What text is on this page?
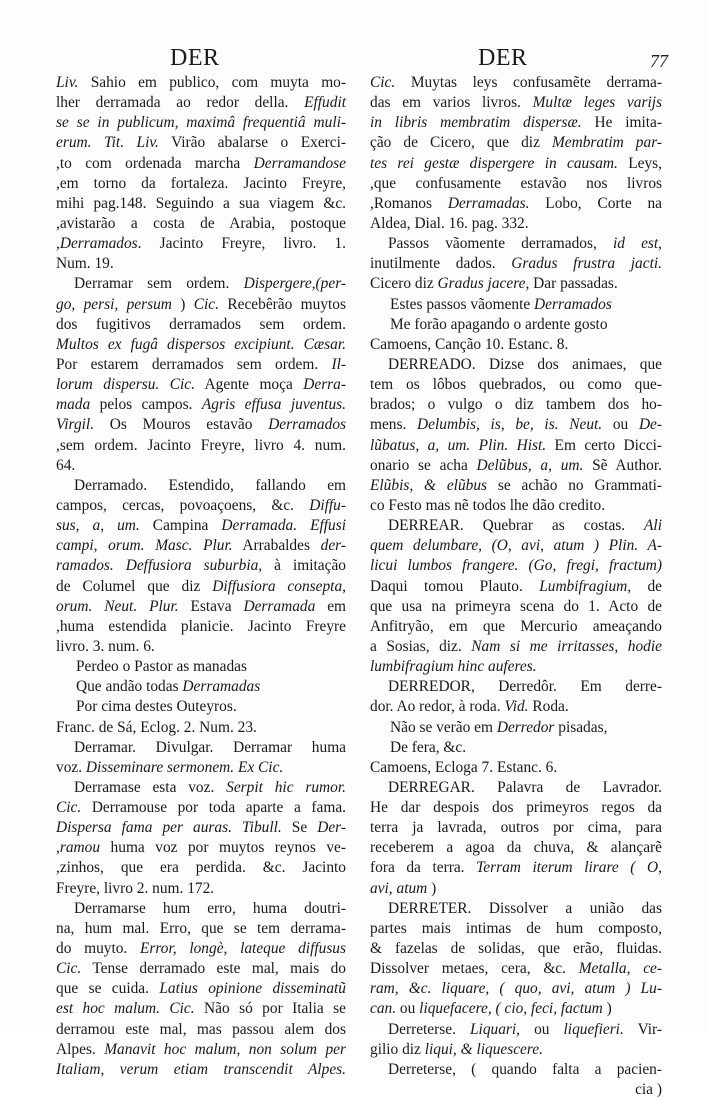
DER	DER	77
Liv. Sahio em publico, com muyta mo-
lher derramada ao redor della. Effudit
se se in publicum, maximâ frequentiâ muli-
erum. Tit. Liv. Virão abalarse o Exerci-
,to com ordenada marcha Derramandose
,em torno da fortaleza. Jacinto Freyre,
mihi pag.148. Seguindo a sua viagem &c.
,avistarão a costa de Arabia, postoque
,Derramados. Jacinto Freyre, livro. 1.
Num. 19.
Derramar sem ordem. Dispergere,(per-
go, persi, persum ) Cic. Recebêrão muytos
dos fugitivos derramados sem ordem.
Multos ex fugâ dispersos excipiunt. Cæsar.
Por estarem derramados sem ordem. Il-
lorum dispersu. Cic. Agente moça Derra-
mada pelos campos. Agris effusa juventus.
Virgil. Os Mouros estavão Derramados
,sem ordem. Jacinto Freyre, livro 4. num.
64.
Derramado. Estendido, fallando em
campos, cercas, povoaçoens, &c. Diffu-
sus, a, um. Campina Derramada. Effusi
campi, orum. Masc. Plur. Arrabaldes der-
ramados. Deffusiora suburbia, à imitação
de Columel que diz Diffusiora consepta,
orum. Neut. Plur. Estava Derramada em
,huma estendida planicie. Jacinto Freyre
livro. 3. num. 6.
Perdeo o Pastor as manadas
Que andão todas Derramadas
Por cima destes Outeyros.
Franc. de Sá, Eclog. 2. Num. 23.
Derramar. Divulgar. Derramar huma
voz. Disseminare sermonem. Ex Cic.
Derramase esta voz. Serpit hic rumor.
Cic. Derramouse por toda aparte a fama.
Dispersa fama per auras. Tibull. Se Der-
,ramou huma voz por muytos reynos ve-
,zinhos, que era perdida. &c. Jacinto
Freyre, livro 2. num. 172.
Derramarse hum erro, huma doutri-
na, hum mal. Erro, que se tem derrama-
do muyto. Error, longè, lateque diffusus
Cic. Tense derramado este mal, mais do
que se cuida. Latius opinione disseminatũ
est hoc malum. Cic. Não só por Italia se
derramou este mal, mas passou alem dos
Alpes. Manavit hoc malum, non solum per
Italiam, verum etiam transcendit Alpes.
Cic. Muytas leys confusamẽte derrama-
das em varios livros. Multæ leges varijs
in libris membratim dispersæ. He imita-
ção de Cicero, que diz Membratim par-
tes rei gestæ dispergere in causam. Leys,
,que confusamente estavão nos livros
,Romanos Derramadas. Lobo, Corte na
Aldea, Dial. 16. pag. 332.
Passos vãomente derramados, id est,
inutilmente dados. Gradus frustra jacti.
Cicero diz Gradus jacere, Dar passadas.
Estes passos vãomente Derramados
Me forão apagando o ardente gosto
Camoens, Canção 10. Estanc. 8.
DERREADO. Dizse dos animaes, que
tem os lôbos quebrados, ou como que-
brados; o vulgo o diz tambem dos ho-
mens. Delumbis, is, be, is. Neut. ou De-
lũbatus, a, um. Plin. Hist. Em certo Dicci-
onario se acha Delũbus, a, um. Sẽ Author.
Elũbis, & elũbus se achão no Grammati-
co Festo mas nẽ todos lhe dão credito.
DERREAR. Quebrar as costas. Ali
quem delumbare, (O, avi, atum ) Plin. A-
licui lumbos frangere. (Go, fregi, fractum)
Daqui tomou Plauto. Lumbifragium, de
que usa na primeyra scena do 1. Acto de
Anfitryão, em que Mercurio ameaçando
a Sosias, diz. Nam si me irritasses, hodie
lumbifragium hinc auferes.
DERREDOR, Derredôr. Em derre-
dor. Ao redor, à roda. Vid. Roda.
Não se verão em Derredor pisadas,
De fera, &c.
Camoens, Ecloga 7. Estanc. 6.
DERREGAR. Palavra de Lavrador.
He dar despois dos primeyros regos da
terra ja lavrada, outros por cima, para
receberem a agoa da chuva, & alançarẽ
fora da terra. Terram iterum lirare ( O,
avi, atum )
DERRETER. Dissolver a união das
partes mais intimas de hum composto,
& fazelas de solidas, que erão, fluidas.
Dissolver metaes, cera, &c. Metalla, ce-
ram, &c. liquare, ( quo, avi, atum ) Lu-
can. ou liquefacere, ( cio, feci, factum )
Derreterse. Liquari, ou liquefieri. Vir-
gilio diz liqui, & liquescere.
Derreterse, ( quando falta a pacien-
cia )
